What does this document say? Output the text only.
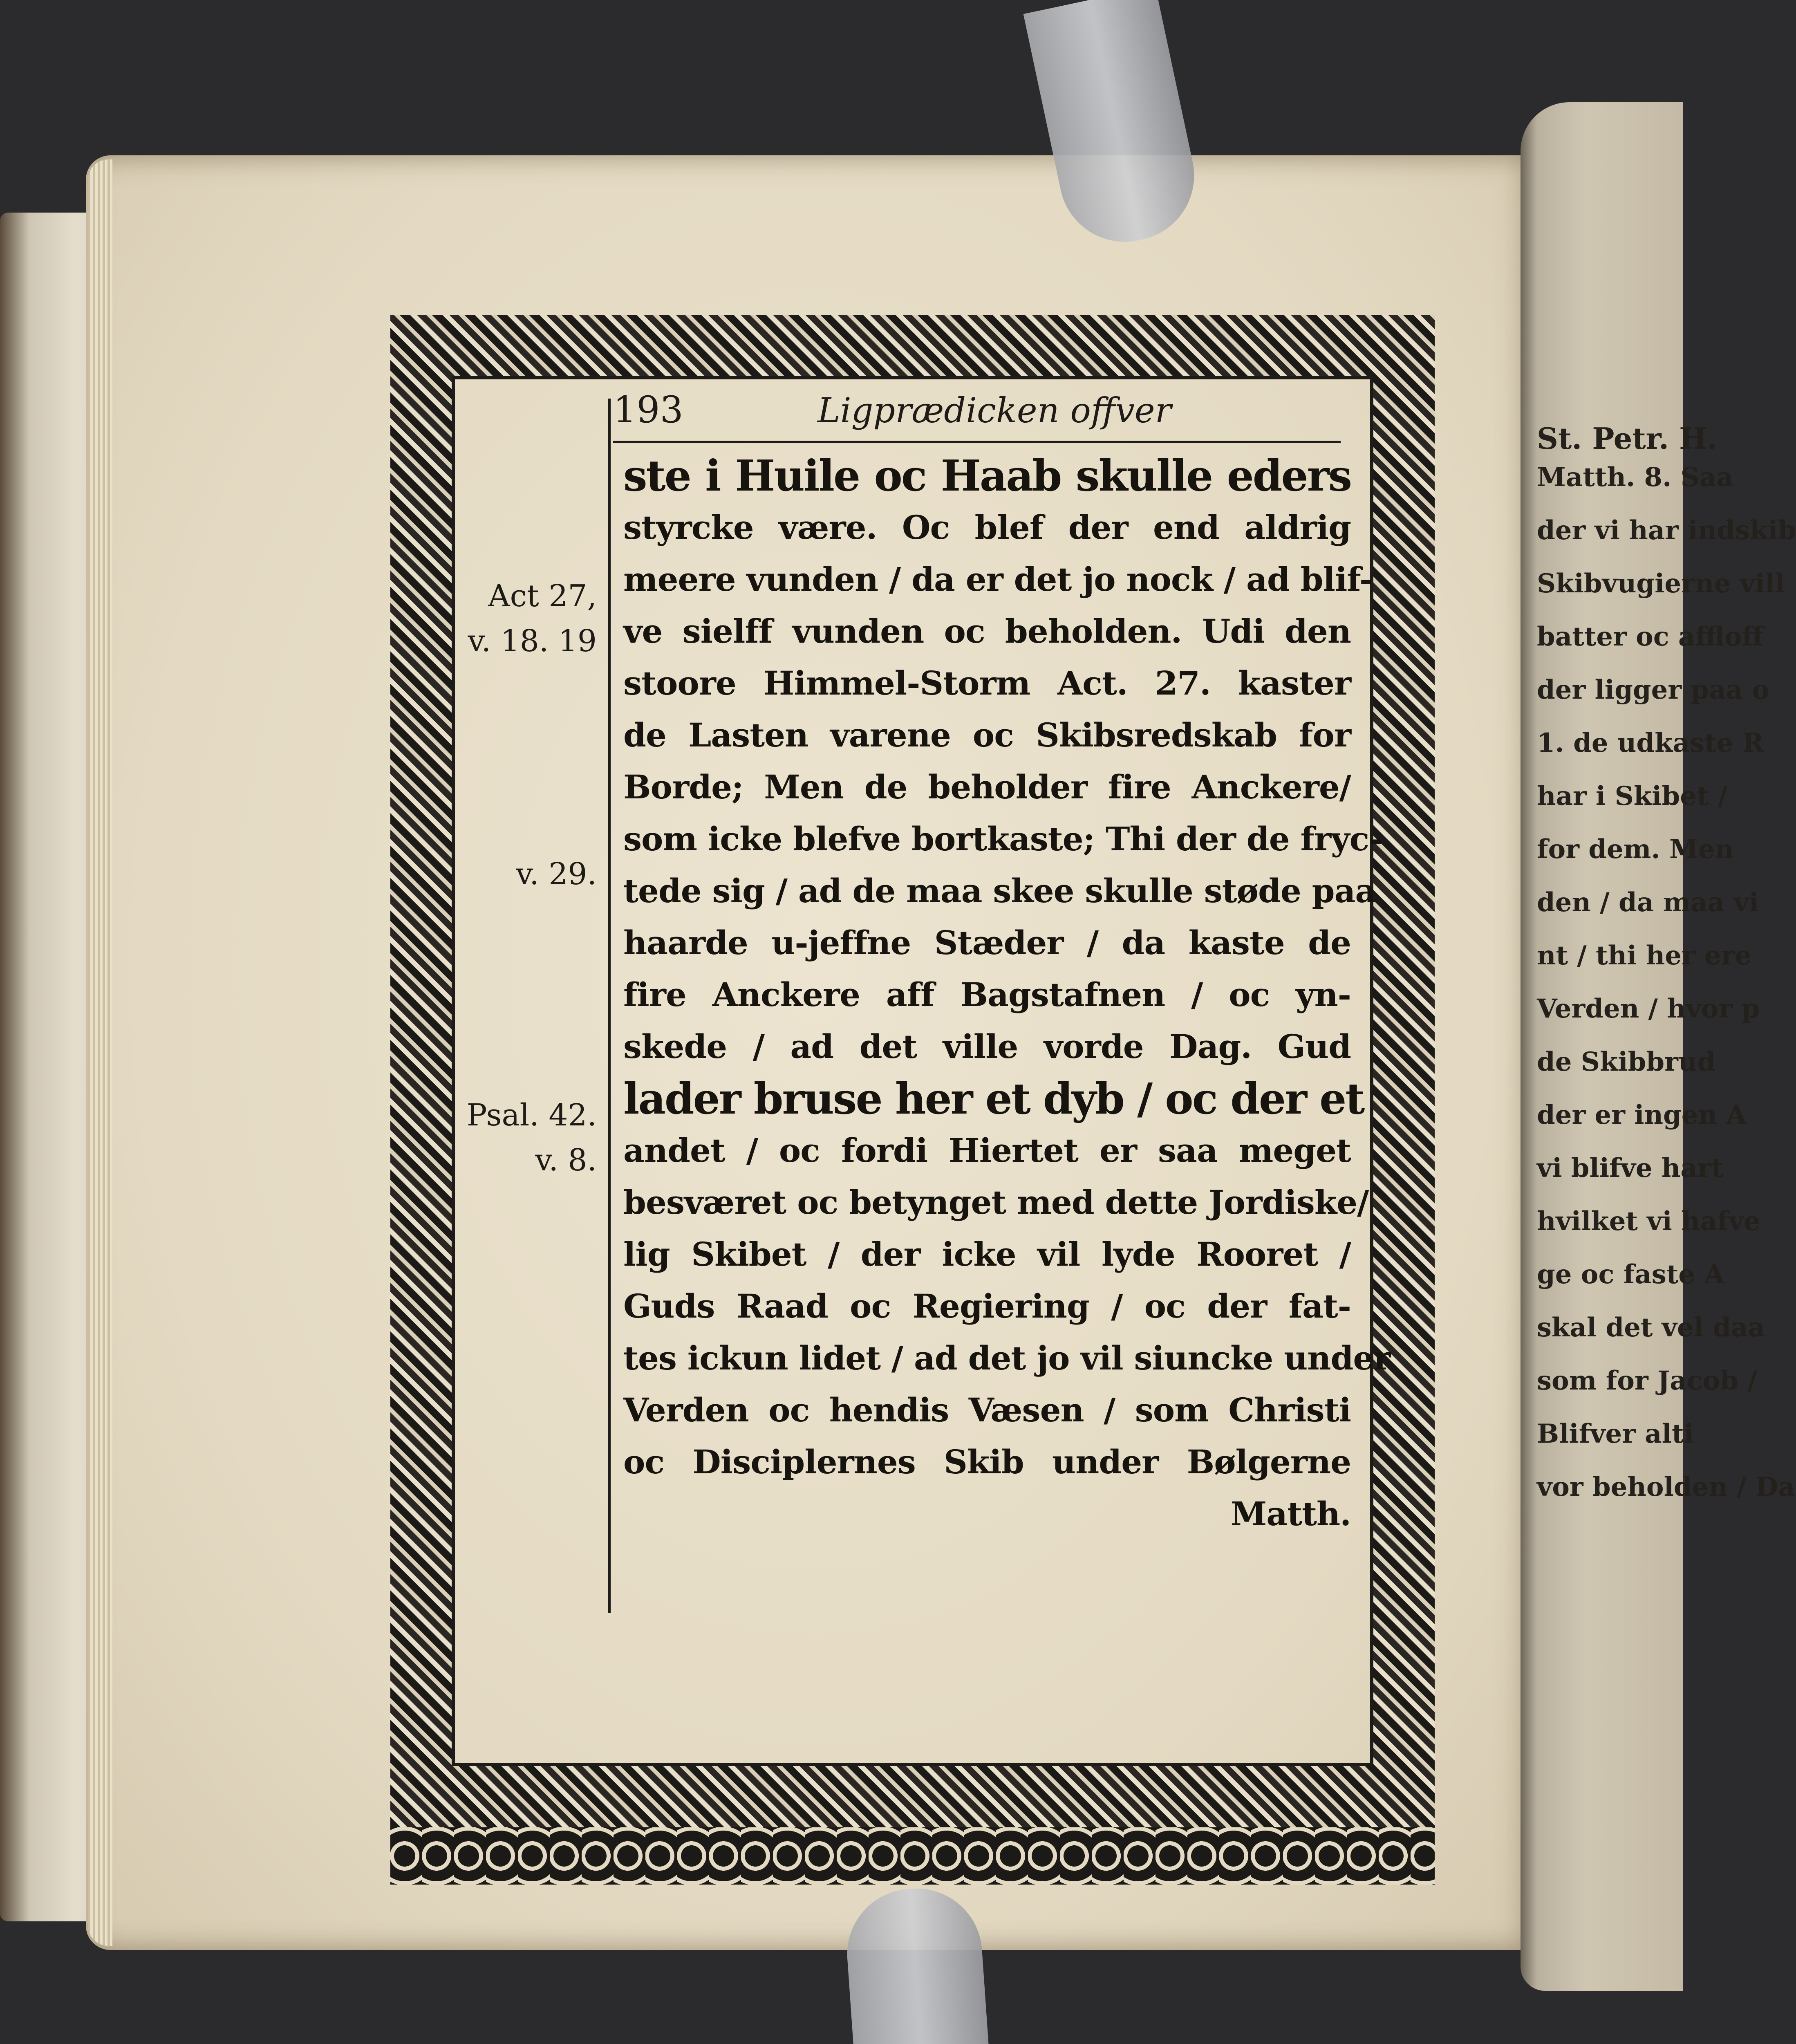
St. Petr. H.
Matth. 8. Saa
der vi har indskib
Skibvugierne vill
batter oc affloff
der ligger paa o
1. de udkaste R
har i Skibet /
for dem. Men
den / da maa vi
nt / thi her ere
Verden / hvor p
de Skibbrud
der er ingen A
vi blifve hart
hvilket vi hafve
ge oc faste A
skal det vel daa
som for Jacob /
Blifver alti
vor beholden / Da
193	Ligprædicken offver
Act 27,
v. 18. 19
v. 29.
Psal. 42.
v. 8.
ste i Huile oc Haab skulle eders
styrcke være. Oc blef der end aldrig
meere vunden / da er det jo nock / ad blif-
ve sielff vunden oc beholden. Udi den
stoore Himmel-Storm Act. 27. kaster
de Lasten varene oc Skibsredskab for
Borde; Men de beholder fire Anckere/
som icke blefve bortkaste; Thi der de fryc-
tede sig / ad de maa skee skulle støde paa
haarde u-jeffne Stæder / da kaste de
fire Anckere aff Bagstafnen / oc yn-
skede / ad det ville vorde Dag. Gud
lader bruse her et dyb / oc der et
andet / oc fordi Hiertet er saa meget
besværet oc betynget med dette Jordiske/
lig Skibet / der icke vil lyde Rooret /
Guds Raad oc Regiering / oc der fat-
tes ickun lidet / ad det jo vil siuncke under
Verden oc hendis Væsen / som Christi
oc Disciplernes Skib under Bølgerne
Matth.
